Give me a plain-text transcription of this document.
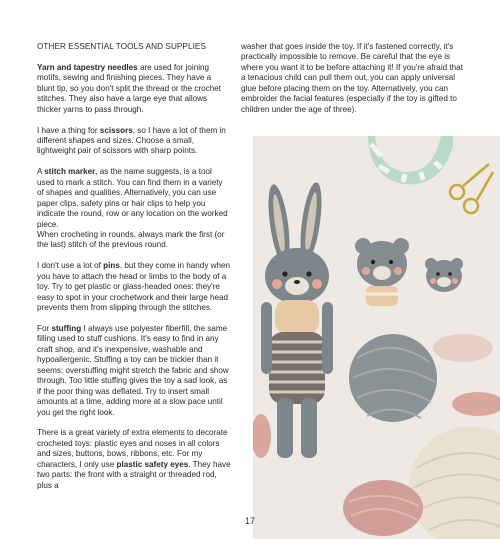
OTHER ESSENTIAL TOOLS AND SUPPLIES

Yarn and tapestry needles are used for joining motifs, sewing and finishing pieces. They have a blunt tip, so you don't split the thread or the crochet stitches. They also have a large eye that allows thicker yarns to pass through.

I have a thing for scissors, so I have a lot of them in different shapes and sizes. Choose a small, lightweight pair of scissors with sharp points.

A stitch marker, as the name suggests, is a tool used to mark a stitch. You can find them in a variety of shapes and qualities. Alternatively, you can use paper clips, safety pins or hair clips to help you indicate the round, row or any location on the worked piece.
When crocheting in rounds, always mark the first (or the last) stitch of the previous round.

I don't use a lot of pins, but they come in handy when you have to attach the head or limbs to the body of a toy. Try to get plastic or glass-headed ones: they're easy to spot in your crochetwork and their large head prevents them from slipping through the stitches.

For stuffing I always use polyester fiberfill, the same filling used to stuff cushions. It's easy to find in any craft shop, and it's inexpensive, washable and hypoallergenic. Stuffing a toy can be trickier than it seems: overstuffing might stretch the fabric and show through. Too little stuffing gives the toy a sad look, as if the poor thing was deflated. Try to insert small amounts at a time, adding more at a slow pace until you get the right look.

There is a great variety of extra elements to decorate crocheted toys: plastic eyes and noses in all colors and sizes, buttons, bows, ribbons, etc. For my characters, I only use plastic safety eyes. They have two parts: the front with a straight or threaded rod, plus a

washer that goes inside the toy. If it's fastened correctly, it's practically impossible to remove. Be careful that the eye is where you want it to be before attaching it! If you're afraid that a tenacious child can pull them out, you can apply universal glue before placing them on the toy. Alternatively, you can embroider the facial features (especially if the toy is gifted to children under the age of three).

17
